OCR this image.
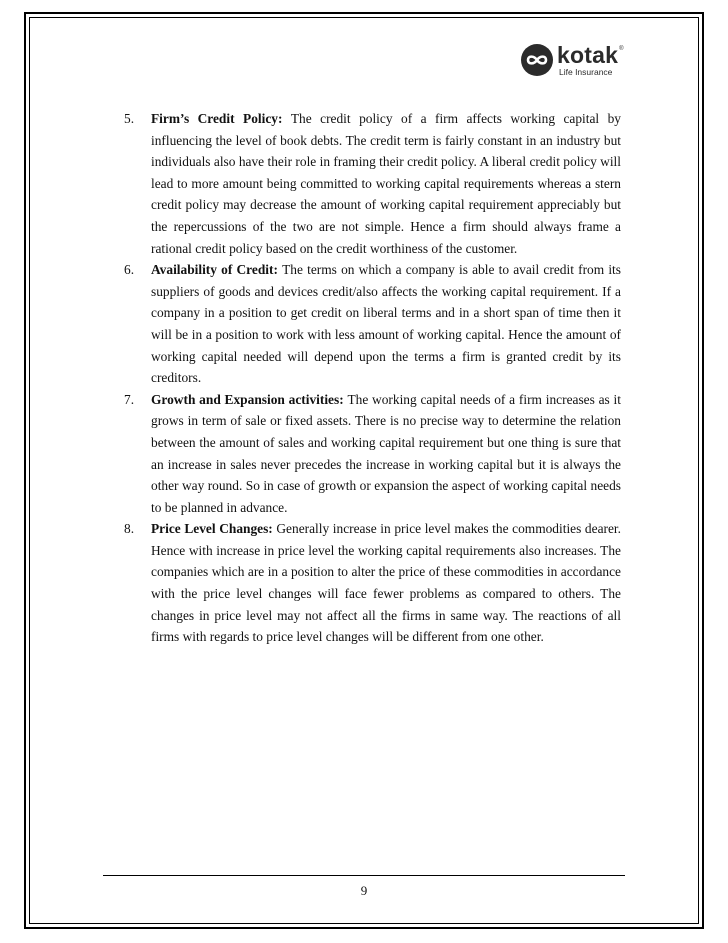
kotak
Life Insurance
®
5. Firm’s Credit Policy: The credit policy of a firm affects working capital by influencing the level of book debts. The credit term is fairly constant in an industry but individuals also have their role in framing their credit policy. A liberal credit policy will lead to more amount being committed to working capital requirements whereas a stern credit policy may decrease the amount of working capital requirement appreciably but the repercussions of the two are not simple. Hence a firm should always frame a rational credit policy based on the credit worthiness of the customer.
6. Availability of Credit: The terms on which a company is able to avail credit from its suppliers of goods and devices credit/also affects the working capital requirement. If a company in a position to get credit on liberal terms and in a short span of time then it will be in a position to work with less amount of working capital. Hence the amount of working capital needed will depend upon the terms a firm is granted credit by its creditors.
7. Growth and Expansion activities: The working capital needs of a firm increases as it grows in term of sale or fixed assets. There is no precise way to determine the relation between the amount of sales and working capital requirement but one thing is sure that an increase in sales never precedes the increase in working capital but it is always the other way round. So in case of growth or expansion the aspect of working capital needs to be planned in advance.
8. Price Level Changes: Generally increase in price level makes the commodities dearer. Hence with increase in price level the working capital requirements also increases. The companies which are in a position to alter the price of these commodities in accordance with the price level changes will face fewer problems as compared to others. The changes in price level may not affect all the firms in same way. The reactions of all firms with regards to price level changes will be different from one other.
9
